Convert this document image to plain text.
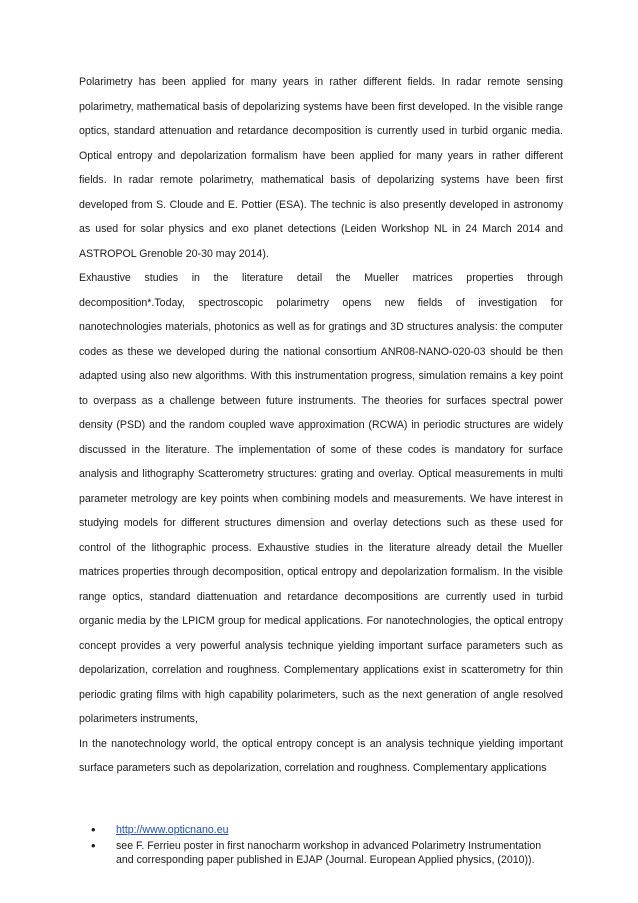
Polarimetry has been applied for many years in rather different fields. In radar remote sensing polarimetry, mathematical basis of depolarizing systems have been first developed. In the visible range optics, standard attenuation and retardance decomposition is currently used in turbid organic media. Optical entropy and depolarization formalism have been applied for many years in rather different fields. In radar remote polarimetry, mathematical basis of depolarizing systems have been first developed from S. Cloude and E. Pottier (ESA). The technic is also presently developed in astronomy as used for solar physics and exo planet detections (Leiden Workshop NL in 24 March 2014 and ASTROPOL Grenoble 20-30 may 2014).

Exhaustive studies in the literature detail the Mueller matrices properties through decomposition*.Today, spectroscopic polarimetry opens new fields of investigation for nanotechnologies materials, photonics as well as for gratings and 3D structures analysis: the computer codes as these we developed during the national consortium ANR08-NANO-020-03 should be then adapted using also new algorithms. With this instrumentation progress, simulation remains a key point to overpass as a challenge between future instruments. The theories for surfaces spectral power density (PSD) and the random coupled wave approximation (RCWA) in periodic structures are widely discussed in the literature. The implementation of some of these codes is mandatory for surface analysis and lithography Scatterometry structures: grating and overlay. Optical measurements in multi parameter metrology are key points when combining models and measurements. We have interest in studying models for different structures dimension and overlay detections such as these used for control of the lithographic process. Exhaustive studies in the literature already detail the Mueller matrices properties through decomposition, optical entropy and depolarization formalism. In the visible range optics, standard diattenuation and retardance decompositions are currently used in turbid organic media by the LPICM group for medical applications. For nanotechnologies, the optical entropy concept provides a very powerful analysis technique yielding important surface parameters such as depolarization, correlation and roughness. Complementary applications exist in scatterometry for thin periodic grating films with high capability polarimeters, such as the next generation of angle resolved polarimeters instruments,

In the nanotechnology world, the optical entropy concept is an analysis technique yielding important surface parameters such as depolarization, correlation and roughness. Complementary applications

• http://www.opticnano.eu
• see F. Ferrieu poster in first nanocharm workshop in advanced Polarimetry Instrumentation and corresponding paper published in EJAP (Journal. European Applied physics, (2010)).
